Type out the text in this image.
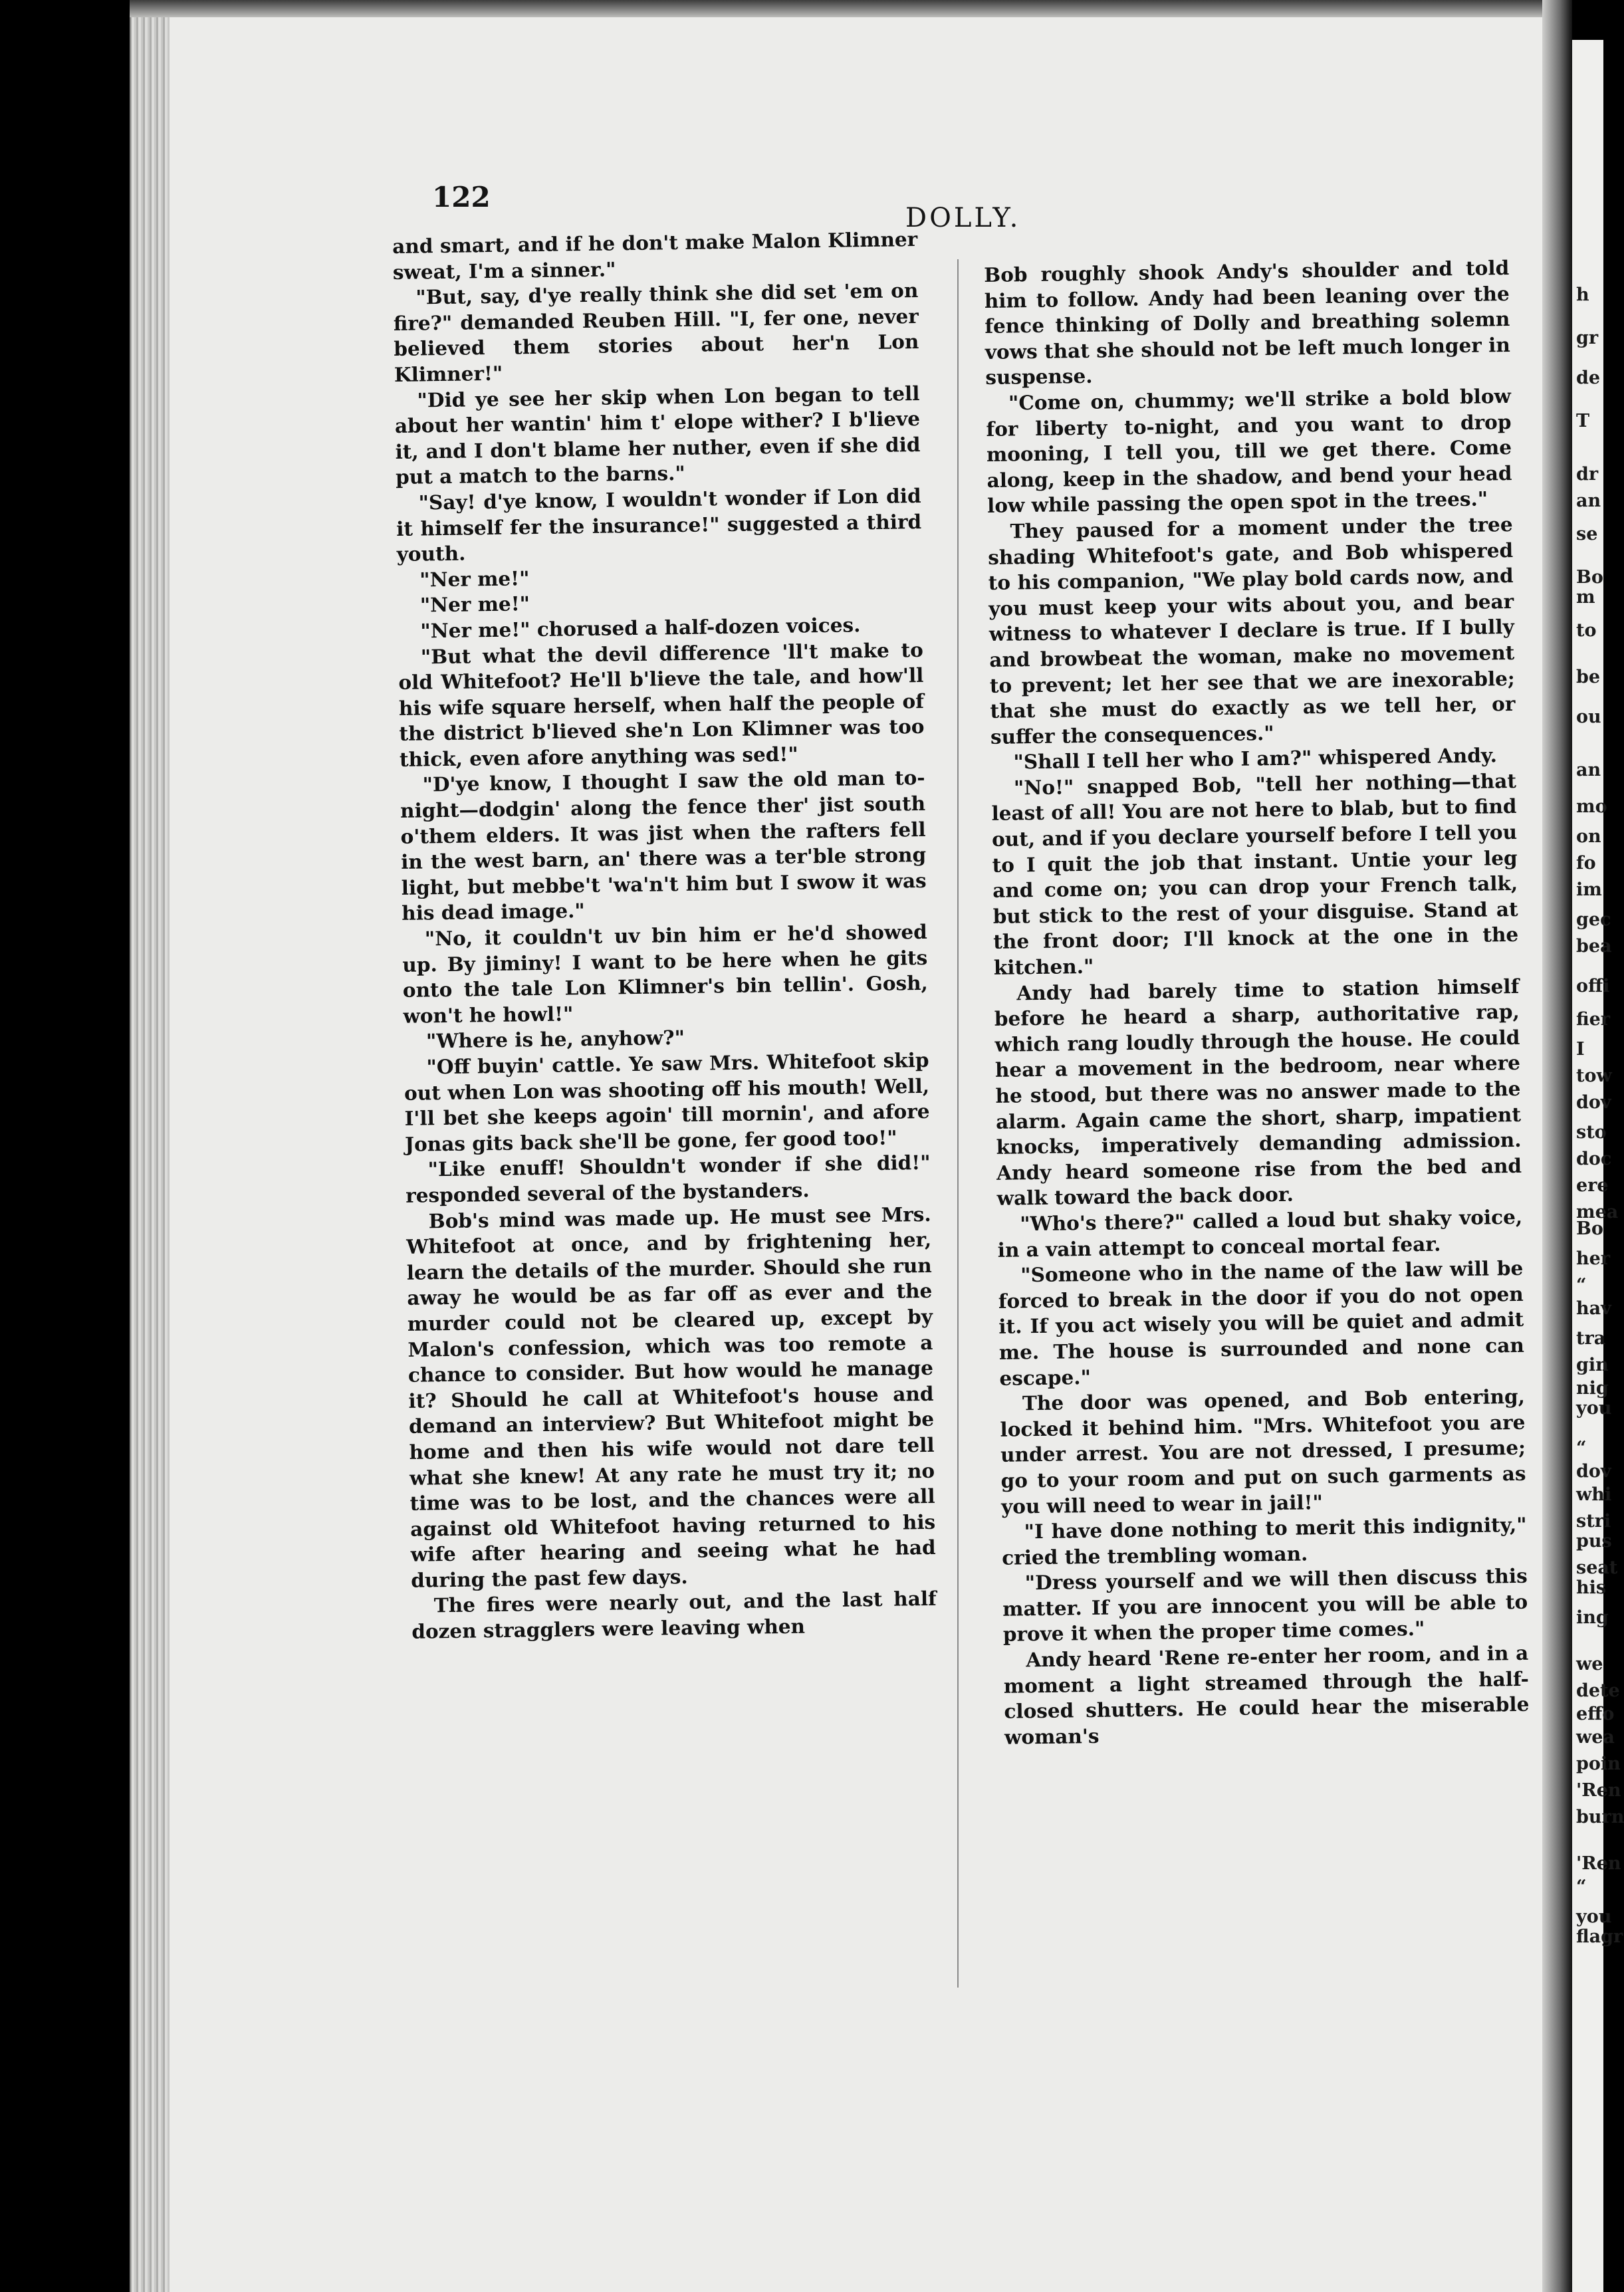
h
gr
de
T
dr
an
se
Bo
m
to
be
ou
an
mo
on
fo
im
gec
bea
offi
fier
I
tow
dov
sto
doc
ere
mea
Bo
her
“
hav
tra
gin
nig
you
“
dov
whi
stri
pus
seat
his
ing
we
dete
effo
wea
poin
'Ren
burn
'Ren
“
you
flagr
122
DOLLY.

and smart, and if he don't make Malon Klimner sweat, I'm a sinner."

"But, say, d'ye really think she did set 'em on fire?" demanded Reuben Hill. "I, fer one, never believed them stories about her'n Lon Klimner!"

"Did ye see her skip when Lon began to tell about her wantin' him t' elope wither? I b'lieve it, and I don't blame her nuther, even if she did put a match to the barns."

"Say! d'ye know, I wouldn't wonder if Lon did it himself fer the insurance!" suggested a third youth.

"Ner me!"

"Ner me!"

"Ner me!" chorused a half-dozen voices.

"But what the devil difference 'll't make to old Whitefoot? He'll b'lieve the tale, and how'll his wife square herself, when half the people of the district b'lieved she'n Lon Klimner was too thick, even afore anything was sed!"

"D'ye know, I thought I saw the old man to-night—dodgin' along the fence ther' jist south o'them elders. It was jist when the rafters fell in the west barn, an' there was a ter'ble strong light, but mebbe't 'wa'n't him but I swow it was his dead image."

"No, it couldn't uv bin him er he'd showed up. By jiminy! I want to be here when he gits onto the tale Lon Klimner's bin tellin'. Gosh, won't he howl!"

"Where is he, anyhow?"

"Off buyin' cattle. Ye saw Mrs. Whitefoot skip out when Lon was shooting off his mouth! Well, I'll bet she keeps agoin' till mornin', and afore Jonas gits back she'll be gone, fer good too!"

"Like enuff! Shouldn't wonder if she did!" responded several of the bystanders.

Bob's mind was made up. He must see Mrs. Whitefoot at once, and by frightening her, learn the details of the murder. Should she run away he would be as far off as ever and the murder could not be cleared up, except by Malon's confession, which was too remote a chance to consider. But how would he manage it? Should he call at Whitefoot's house and demand an interview? But Whitefoot might be home and then his wife would not dare tell what she knew! At any rate he must try it; no time was to be lost, and the chances were all against old Whitefoot having returned to his wife after hearing and seeing what he had during the past few days.

The fires were nearly out, and the last half dozen stragglers were leaving when

Bob roughly shook Andy's shoulder and told him to follow. Andy had been leaning over the fence thinking of Dolly and breathing solemn vows that she should not be left much longer in suspense.

"Come on, chummy; we'll strike a bold blow for liberty to-night, and you want to drop mooning, I tell you, till we get there. Come along, keep in the shadow, and bend your head low while passing the open spot in the trees."

They paused for a moment under the tree shading Whitefoot's gate, and Bob whispered to his companion, "We play bold cards now, and you must keep your wits about you, and bear witness to whatever I declare is true. If I bully and browbeat the woman, make no movement to prevent; let her see that we are inexorable; that she must do exactly as we tell her, or suffer the consequences."

"Shall I tell her who I am?" whispered Andy.

"No!" snapped Bob, "tell her nothing—that least of all! You are not here to blab, but to find out, and if you declare yourself before I tell you to I quit the job that instant. Untie your leg and come on; you can drop your French talk, but stick to the rest of your disguise. Stand at the front door; I'll knock at the one in the kitchen."

Andy had barely time to station himself before he heard a sharp, authoritative rap, which rang loudly through the house. He could hear a movement in the bedroom, near where he stood, but there was no answer made to the alarm. Again came the short, sharp, impatient knocks, imperatively demanding admission. Andy heard someone rise from the bed and walk toward the back door.

"Who's there?" called a loud but shaky voice, in a vain attempt to conceal mortal fear.

"Someone who in the name of the law will be forced to break in the door if you do not open it. If you act wisely you will be quiet and admit me. The house is surrounded and none can escape."

The door was opened, and Bob entering, locked it behind him. "Mrs. Whitefoot you are under arrest. You are not dressed, I presume; go to your room and put on such garments as you will need to wear in jail!"

"I have done nothing to merit this indignity," cried the trembling woman.

"Dress yourself and we will then discuss this matter. If you are innocent you will be able to prove it when the proper time comes."

Andy heard 'Rene re-enter her room, and in a moment a light streamed through the half-closed shutters. He could hear the miserable woman's
